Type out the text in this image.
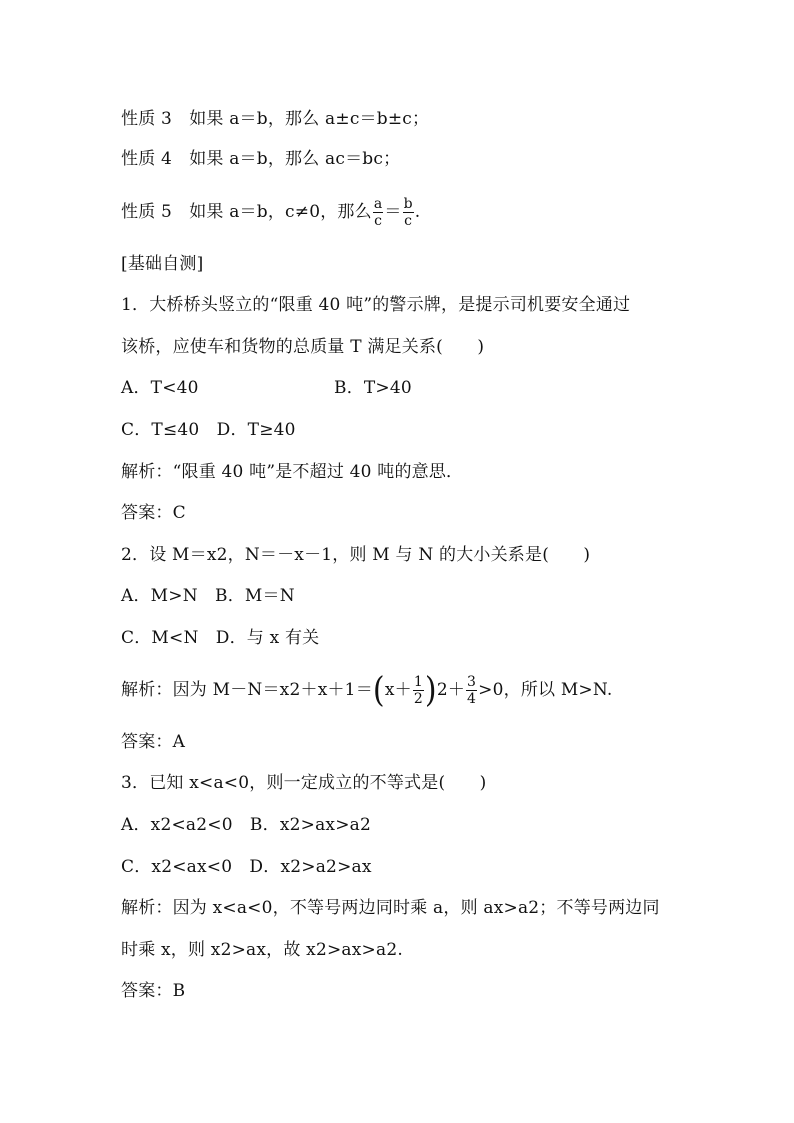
性质 3　如果 a＝b，那么 a±c＝b±c；
性质 4　如果 a＝b，那么 ac＝bc；
性质 5　如果 a＝b，c≠0，那么 $\frac{a}{c} = \frac{b}{c}$ .
[基础自测]
1．大桥桥头竖立的“限重 40 吨”的警示牌，是提示司机要安全通过
该桥，应使车和货物的总质量 T 满足关系(　　)
A．T<40	B．T>40
C．T≤40　D．T≥40
解析：“限重 40 吨”是不超过 40 吨的意思．
答案：C
2．设 M＝x2，N＝－x－1，则 M 与 N 的大小关系是(　　)
A．M>N　B．M＝N
C．M<N　D．与 x 有关
解析：因为 $M-N=x2+x+1=(x+ \frac{1}{2} )2+ \frac{3}{4} >0$，所以 M>N.
答案：A
3．已知 x<a<0，则一定成立的不等式是(　　)
A．x2<a2<0　B．x2>ax>a2
C．x2<ax<0　D．x2>a2>ax
解析：因为 x<a<0，不等号两边同时乘 a，则 ax>a2；不等号两边同
时乘 x，则 x2>ax，故 x2>ax>a2.
答案：B
